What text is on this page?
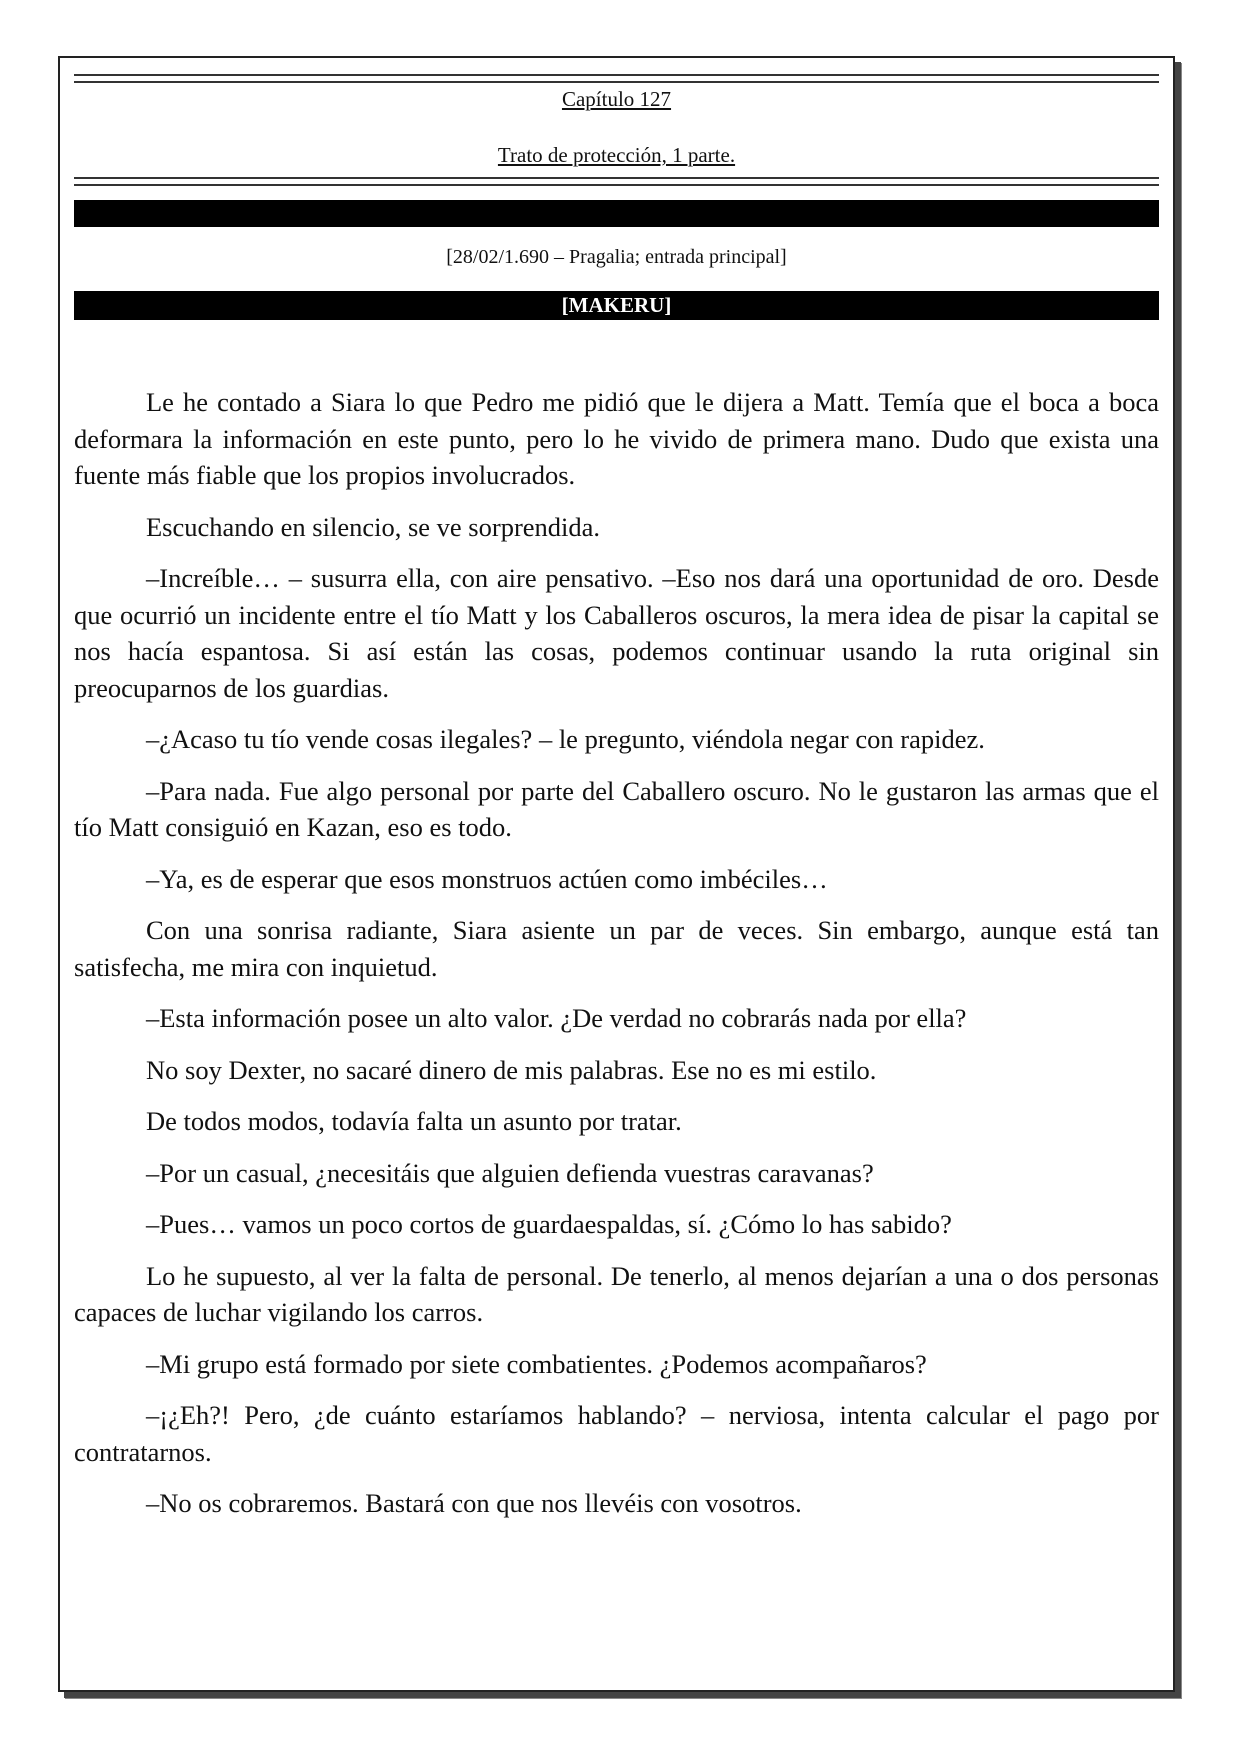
Capítulo 127
Trato de protección, 1 parte.
[28/02/1.690 – Pragalia; entrada principal]
[MAKERU]

Le he contado a Siara lo que Pedro me pidió que le dijera a Matt. Temía que el boca a boca deformara la información en este punto, pero lo he vivido de primera mano. Dudo que exista una fuente más fiable que los propios involucrados.

Escuchando en silencio, se ve sorprendida.

–Increíble… – susurra ella, con aire pensativo. –Eso nos dará una oportunidad de oro. Desde que ocurrió un incidente entre el tío Matt y los Caballeros oscuros, la mera idea de pisar la capital se nos hacía espantosa. Si así están las cosas, podemos continuar usando la ruta original sin preocuparnos de los guardias.

–¿Acaso tu tío vende cosas ilegales? – le pregunto, viéndola negar con rapidez.

–Para nada. Fue algo personal por parte del Caballero oscuro. No le gustaron las armas que el tío Matt consiguió en Kazan, eso es todo.

–Ya, es de esperar que esos monstruos actúen como imbéciles…

Con una sonrisa radiante, Siara asiente un par de veces. Sin embargo, aunque está tan satisfecha, me mira con inquietud.

–Esta información posee un alto valor. ¿De verdad no cobrarás nada por ella?

No soy Dexter, no sacaré dinero de mis palabras. Ese no es mi estilo.

De todos modos, todavía falta un asunto por tratar.

–Por un casual, ¿necesitáis que alguien defienda vuestras caravanas?

–Pues… vamos un poco cortos de guardaespaldas, sí. ¿Cómo lo has sabido?

Lo he supuesto, al ver la falta de personal. De tenerlo, al menos dejarían a una o dos personas capaces de luchar vigilando los carros.

–Mi grupo está formado por siete combatientes. ¿Podemos acompañaros?

–¡¿Eh?! Pero, ¿de cuánto estaríamos hablando? – nerviosa, intenta calcular el pago por contratarnos.

–No os cobraremos. Bastará con que nos llevéis con vosotros.
